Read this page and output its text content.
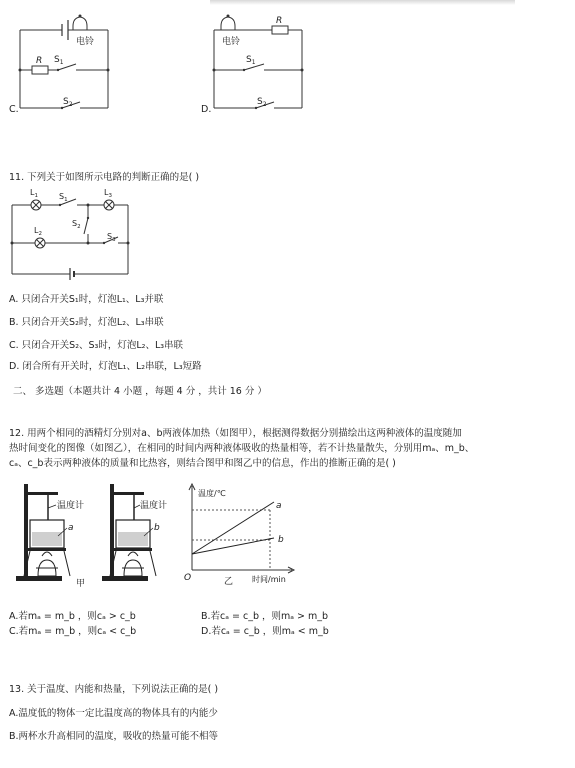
电铃
R $S_1$
$S_2$
C.
电铃
R
$S_1$
$S_2$
D.
11. 下列关于如图所示电路的判断正确的是( )
$L_1$	$S_1$
$L_3$
$S_2$
$L_2$	$S_3$
A. 只闭合开关S₁时，灯泡L₁、L₃并联
B. 只闭合开关S₂时，灯泡L₂、L₃串联
C. 只闭合开关S₂、S₃时，灯泡L₂、L₃串联
D. 闭合所有开关时，灯泡L₁、L₂串联，L₃短路
二、 多选题（本题共计 4 小题 ，每题 4 分 ，共计 16 分 ）
12. 用两个相同的酒精灯分别对a、b两液体加热（如图甲），根据测得数据分别描绘出这两种液体的温度随加
热时间变化的图像（如图乙），在相同的时间内两种液体吸收的热量相等，若不计热量散失，分别用mₐ、m_b、
cₐ、c_b表示两种液体的质量和比热容，则结合图甲和图乙中的信息，作出的推断正确的是( )
温度计
a
甲
温度计
b
a
b
温度/℃
时间/min
O	乙
A.若mₐ = m_b ，则cₐ > c_b	B.若cₐ = c_b ，则mₐ > m_b
C.若mₐ = m_b ，则cₐ < c_b	D.若cₐ = c_b ，则mₐ < m_b
13. 关于温度、内能和热量，下列说法正确的是( )
A.温度低的物体一定比温度高的物体具有的内能少
B.两杯水升高相同的温度，吸收的热量可能不相等
